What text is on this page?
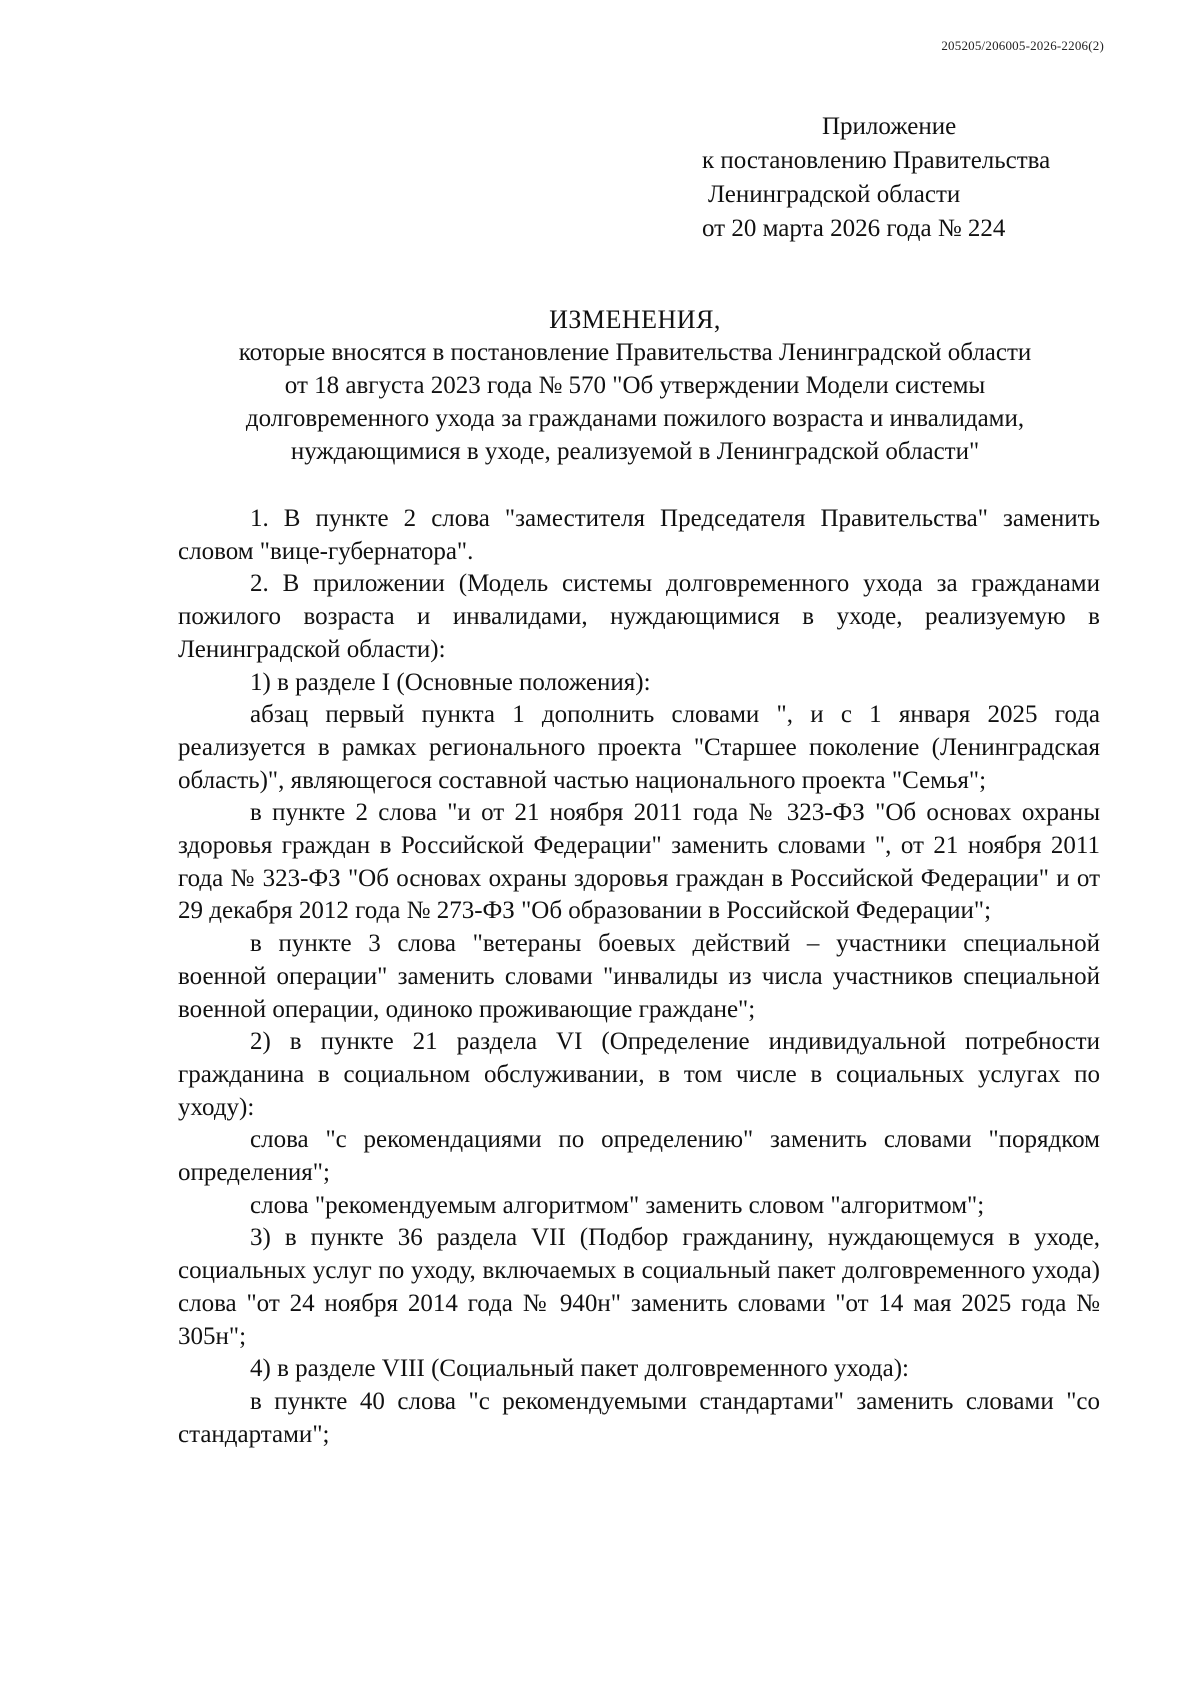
205205/206005-2026-2206(2)
Приложение
к постановлению Правительства
Ленинградской области
от 20 марта 2026 года № 224
ИЗМЕНЕНИЯ,
которые вносятся в постановление Правительства Ленинградской области
от 18 августа 2023 года № 570 "Об утверждении Модели системы
долговременного ухода за гражданами пожилого возраста и инвалидами,
нуждающимися в уходе, реализуемой в Ленинградской области"

1. В пункте 2 слова "заместителя Председателя Правительства" заменить словом "вице-губернатора".

2. В приложении (Модель системы долговременного ухода за гражданами пожилого возраста и инвалидами, нуждающимися в уходе, реализуемую в Ленинградской области):

1) в разделе I (Основные положения):

абзац первый пункта 1 дополнить словами ", и с 1 января 2025 года реализуется в рамках регионального проекта "Старшее поколение (Ленинградская область)", являющегося составной частью национального проекта "Семья";

в пункте 2 слова "и от 21 ноября 2011 года № 323-ФЗ "Об основах охраны здоровья граждан в Российской Федерации" заменить словами ", от 21 ноября 2011 года № 323-ФЗ "Об основах охраны здоровья граждан в Российской Федерации" и от 29 декабря 2012 года № 273-ФЗ "Об образовании в Российской Федерации";

в пункте 3 слова "ветераны боевых действий – участники специальной военной операции" заменить словами "инвалиды из числа участников специальной военной операции, одиноко проживающие граждане";

2) в пункте 21 раздела VI (Определение индивидуальной потребности гражданина в социальном обслуживании, в том числе в социальных услугах по уходу):

слова "с рекомендациями по определению" заменить словами "порядком определения";

слова "рекомендуемым алгоритмом" заменить словом "алгоритмом";

3) в пункте 36 раздела VII (Подбор гражданину, нуждающемуся в уходе, социальных услуг по уходу, включаемых в социальный пакет долговременного ухода) слова "от 24 ноября 2014 года № 940н" заменить словами "от 14 мая 2025 года № 305н";

4) в разделе VIII (Социальный пакет долговременного ухода):

в пункте 40 слова "с рекомендуемыми стандартами" заменить словами "со стандартами";
